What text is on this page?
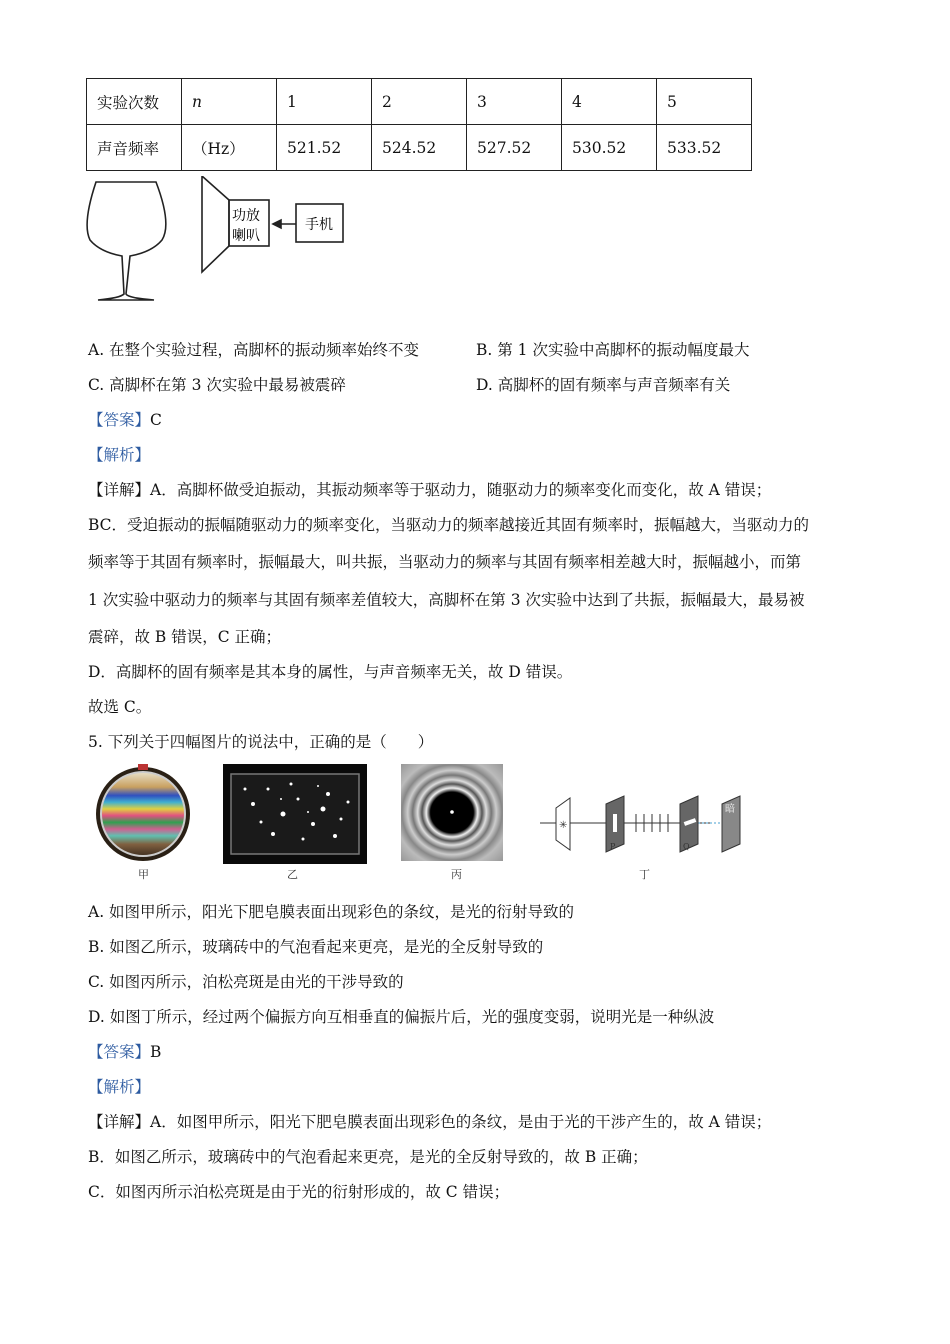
实验次数	n	1	2	3	4	5
声音频率	（Hz）	521.52	524.52	527.52	530.52	533.52
功放
喇叭
手机
A. 在整个实验过程，高脚杯的振动频率始终不变	B. 第 1 次实验中高脚杯的振动幅度最大
C. 高脚杯在第 3 次实验中最易被震碎	D. 高脚杯的固有频率与声音频率有关
【答案】C
【解析】
【详解】A．高脚杯做受迫振动，其振动频率等于驱动力，随驱动力的频率变化而变化，故 A 错误；
BC．受迫振动的振幅随驱动力的频率变化，当驱动力的频率越接近其固有频率时，振幅越大，当驱动力的
频率等于其固有频率时，振幅最大，叫共振，当驱动力的频率与其固有频率相差越大时，振幅越小，而第
1 次实验中驱动力的频率与其固有频率差值较大，高脚杯在第 3 次实验中达到了共振，振幅最大，最易被
震碎，故 B 错误，C 正确；
D．高脚杯的固有频率是其本身的属性，与声音频率无关，故 D 错误。
故选 C。
5. 下列关于四幅图片的说法中，正确的是（　　）
✳
P	Q
暗
甲	乙	丙	丁
A. 如图甲所示，阳光下肥皂膜表面出现彩色的条纹，是光的衍射导致的
B. 如图乙所示，玻璃砖中的气泡看起来更亮，是光的全反射导致的
C. 如图丙所示，泊松亮斑是由光的干涉导致的
D. 如图丁所示，经过两个偏振方向互相垂直的偏振片后，光的强度变弱，说明光是一种纵波
【答案】B
【解析】
【详解】A．如图甲所示，阳光下肥皂膜表面出现彩色的条纹，是由于光的干涉产生的，故 A 错误；
B．如图乙所示，玻璃砖中的气泡看起来更亮，是光的全反射导致的，故 B 正确；
C．如图丙所示泊松亮斑是由于光的衍射形成的，故 C 错误；
